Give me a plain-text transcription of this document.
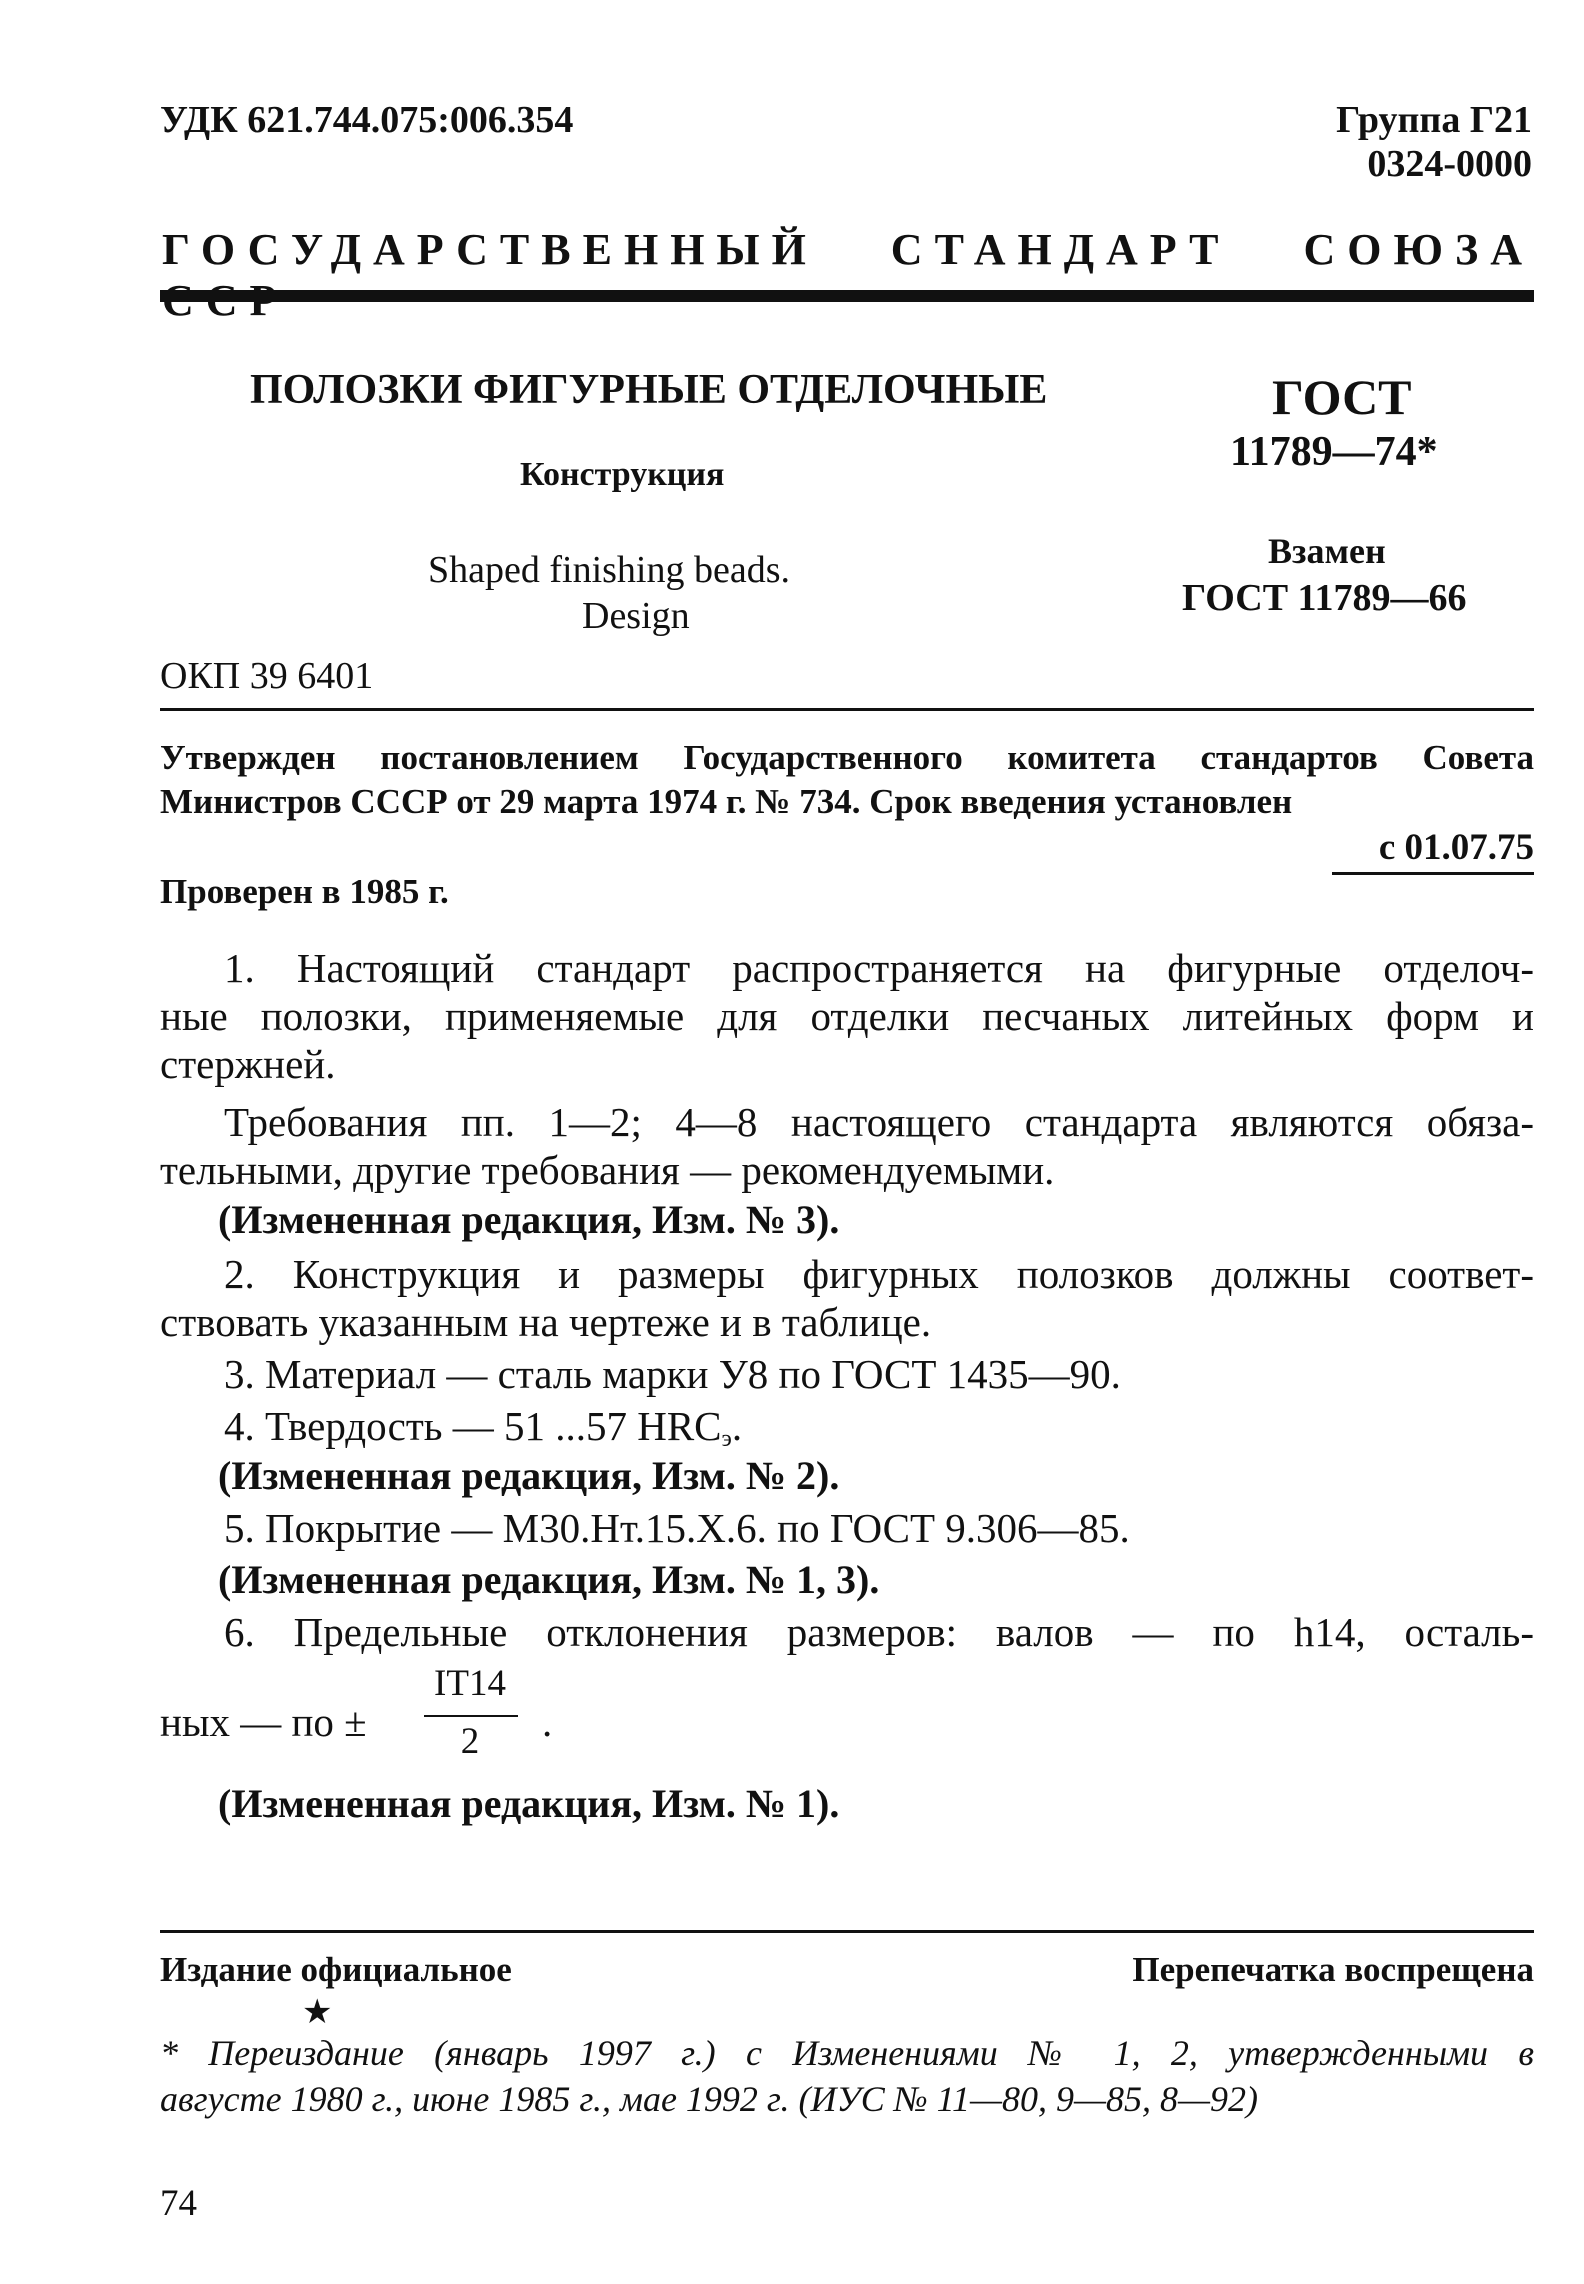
УДК 621.744.075:006.354	Группа Г21
0324-0000
ГОСУДАРСТВЕННЫЙ СТАНДАРТ СОЮЗА
ПОЛОЗКИ ФИГУРНЫЕ ОТДЕЛОЧНЫЕ
Конструкция
Shaped finishing beads.
Design
ОКП 39 6401
ГОСТ
11789—74*
Взамен
ГОСТ 11789—66
Утвержден постановлением Государственного комитета стандартов Совета
Министров СССР от 29 марта 1974 г. № 734. Срок введения установлен
с 01.07.75
Проверен в 1985 г.
1. Настоящий стандарт распространяется на фигурные отделоч-
ные полозки, применяемые для отделки песчаных литейных форм и
стержней.
Требования пп. 1—2; 4—8 настоящего стандарта являются обяза-
тельными, другие требования — рекомендуемыми.
(Измененная редакция, Изм. № 3).
2. Конструкция и размеры фигурных полозков должны соответ-
ствовать указанным на чертеже и в таблице.
3. Материал — сталь марки У8 по ГОСТ 1435—90.
4. Твердость — 51 ...57 $HRC_э$.
(Измененная редакция, Изм. № 2).
5. Покрытие — М30.Нт.15.Х.6. по ГОСТ 9.306—85.
(Измененная редакция, Изм. № 1, 3).
6. Предельные отклонения размеров: валов — по h14, осталь-
ных — по ±
IT14
2	.
(Измененная редакция, Изм. № 1).
Издание официальное	Перепечатка воспрещена
★
* Переиздание (январь 1997 г.) с Изменениями № 1, 2, утвержденными в
августе 1980 г., июне 1985 г., мае 1992 г. (ИУС № 11—80, 9—85, 8—92)
74
